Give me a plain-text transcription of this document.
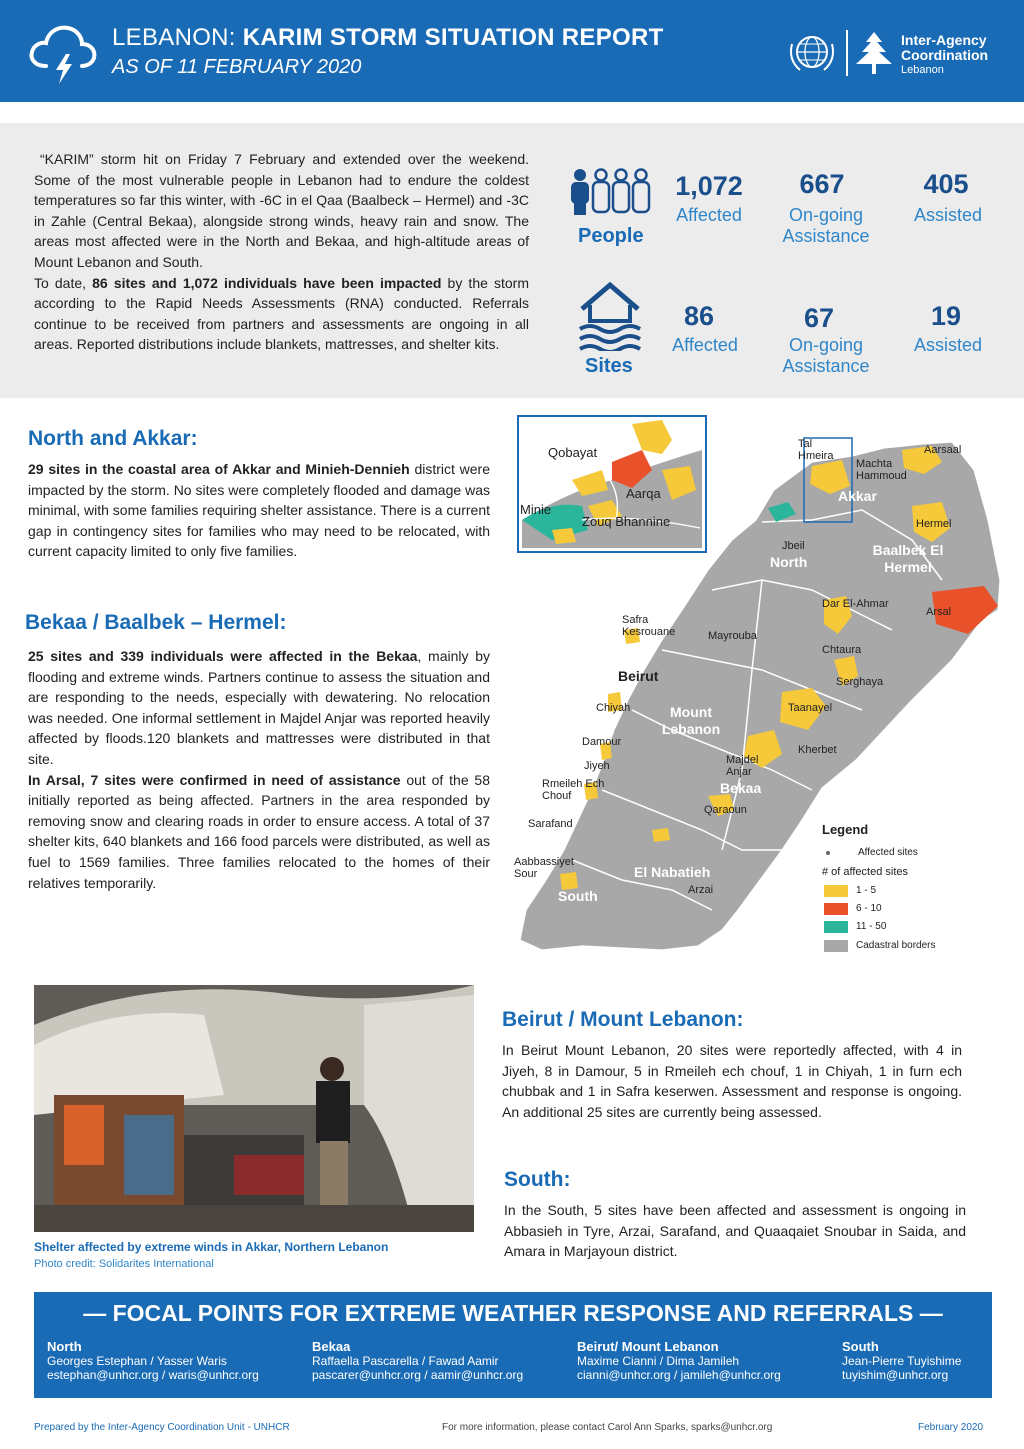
LEBANON: KARIM STORM SITUATION REPORT
AS OF 11 FEBRUARY 2020
Inter-Agency
Coordination
Lebanon

“KARIM” storm hit on Friday 7 February and extended over the weekend. Some of the most vulnerable people in Lebanon had to endure the coldest temperatures so far this winter, with -6C in el Qaa (Baalbeck – Hermel) and -3C in Zahle (Central Bekaa), alongside strong winds, heavy rain and snow. The areas most affected were in the North and Bekaa, and high-altitude areas of Mount Lebanon and South.

To date, 86 sites and 1,072 individuals have been impacted by the storm according to the Rapid Needs Assessments (RNA) conducted. Referrals continue to be received from partners and assessments are ongoing in all areas. Reported distributions include blankets, mattresses, and shelter kits.

People
1,072
Affected
667
On-going Assistance
405
Assisted
Sites
86
Affected
67
On-going Assistance
19
Assisted
North and Akkar:
29 sites in the coastal area of Akkar and Minieh-Dennieh district were impacted by the storm. No sites were completely flooded and damage was minimal, with some families requiring shelter assistance. There is a current gap in contingency sites for families who may need to be relocated, with current capacity limited to only five families.
Bekaa / Baalbek – Hermel:
25 sites and 339 individuals were affected in the Bekaa, mainly by flooding and extreme winds. Partners continue to assess the situation and are responding to the needs, especially with dewatering. No relocation was needed. One informal settlement in Majdel Anjar was reported heavily affected by floods.120 blankets and mattresses were distributed in that site.
In Arsal, 7 sites were confirmed in need of assistance out of the 58 initially reported as being affected. Partners in the area responded by removing snow and clearing roads in order to ensure access. A total of 37 shelter kits, 640 blankets and 166 food parcels were distributed, as well as fuel to 1569 families. Three families relocated to the homes of their relatives temporarily.
Qobayat
Aarqa
Minie
Zouq Bhannine
Tal Hmeira
Machta Hammoud
Aarsaal
Hermel
Jbeil
Safra Kesrouane	Mayrouba
Chiyah
Damour
Jiyeh
Rmeileh Ech Chouf
Sarafand
Aabbassiyet Sour
Arzai
Dar El-Ahmar
Chtaura
Serghaya
Taanayel
Kherbet
Majdel Anjar
Qaraoun
Arsal
Akkar
North
Baalbek El Hermel
Beirut
Mount Lebanon
Bekaa
El Nabatieh
South
Legend
Affected sites
# of affected sites
1 - 5
6 - 10
11 - 50
Cadastral borders
Shelter affected by extreme winds in Akkar, Northern Lebanon
Photo credit: Solidarites International
Beirut / Mount Lebanon:
In Beirut Mount Lebanon, 20 sites were reportedly affected, with 4 in Jiyeh, 8 in Damour, 5 in Rmeileh ech chouf, 1 in Chiyah, 1 in furn ech chubbak and 1 in Safra keserwen. Assessment and response is ongoing. An additional 25 sites are currently being assessed.
South:
In the South, 5 sites have been affected and assessment is ongoing in Abbasieh in Tyre, Arzai, Sarafand, and Quaaqaiet Snoubar in Saida, and Amara in Marjayoun district.
— FOCAL POINTS FOR EXTREME WEATHER RESPONSE AND REFERRALS —
North
Georges Estephan / Yasser Waris
estephan@unhcr.org / waris@unhcr.org
Bekaa
Raffaella Pascarella / Fawad Aamir
pascarer@unhcr.org / aamir@unhcr.org
Beirut/ Mount Lebanon
Maxime Cianni / Dima Jamileh
cianni@unhcr.org / jamileh@unhcr.org
South
Jean-Pierre Tuyishime
tuyishim@unhcr.org
Prepared by the Inter-Agency Coordination Unit - UNHCR	For more information, please contact Carol Ann Sparks, sparks@unhcr.org	February 2020
